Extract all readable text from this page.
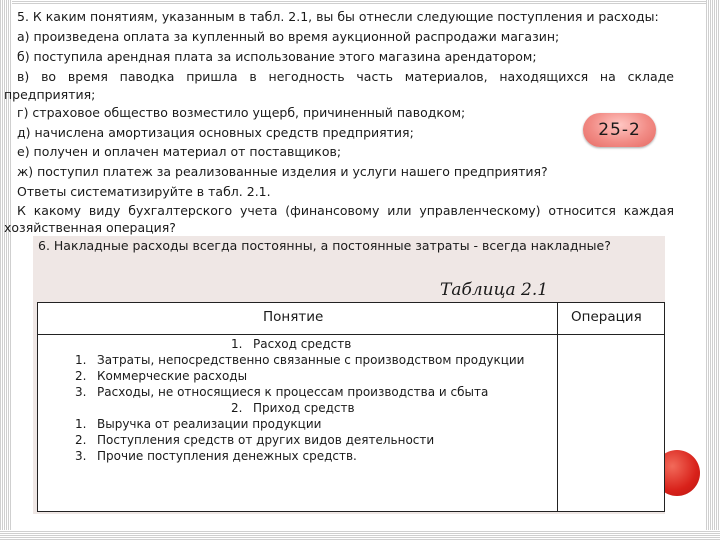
5. К каким понятиям, указанным в табл. 2.1, вы бы отнесли следующие поступления и расходы:
а) произведена оплата за купленный во время аукционной распродажи магазин;
б) поступила арендная плата за использование этого магазина арендатором;
в) во время паводка пришла в негодность часть материалов, находящихся на складе
предприятия;
г) страховое общество возместило ущерб, причиненный паводком;
д) начислена амортизация основных средств предприятия;
е) получен и оплачен материал от поставщиков;
ж) поступил платеж за реализованные изделия и услуги нашего предприятия?
Ответы систематизируйте в табл. 2.1.
К какому виду бухгалтерского учета (финансовому или управленческому) относится каждая
хозяйственная операция?
25-2
6. Накладные расходы всегда постоянны, а постоянные затраты - всегда накладные?
Таблица 2.1
Понятие	Операция
1. Расход средств
1. Затраты, непосредственно связанные с производством продукции
2. Коммерческие расходы
3. Расходы, не относящиеся к процессам производства и сбыта
2. Приход средств
1. Выручка от реализации продукции
2. Поступления средств от других видов деятельности
3. Прочие поступления денежных средств.
